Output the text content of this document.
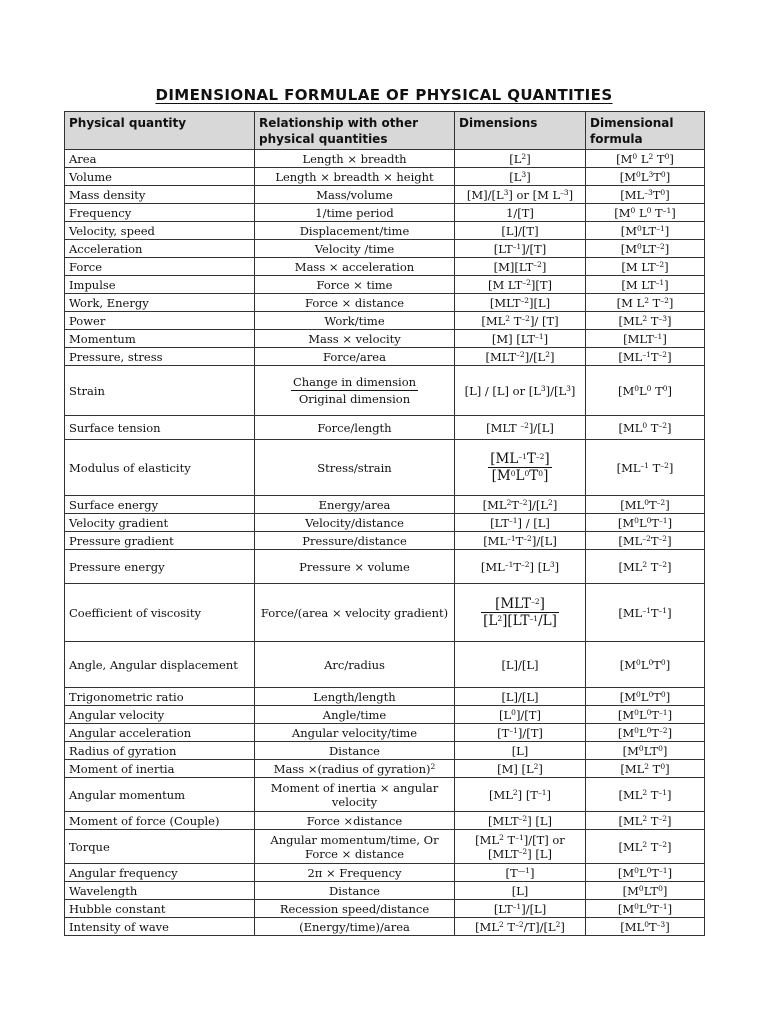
DIMENSIONAL FORMULAE OF PHYSICAL QUANTITIES
Physical quantity	Relationship with other physical quantities	Dimensions	Dimensional formula
Area	Length × breadth	$[L^2]$	[$M^0$ $L^2$ $T^0$]
Volume	Length × breadth × height	$[L^3]$	$[M^0L^3T^0]$
Mass density	Mass/volume	$[M]/[L^3]$ or [M $L^{-3}$]	$[ML^{-3}T^0]$
Frequency	1/time period	1/[T]	[$M^0$ $L^0$ $T^{-1}$]
Velocity, speed	Displacement/time	[L]/[T]	$[M^0LT^{-1}]$
Acceleration	Velocity /time	$[LT^{-1}]/[T]$	$[M^0LT^{-2}]$
Force	Mass × acceleration	$[M][LT^{-2}]$	[M $LT^{-2}$]
Impulse	Force × time	[M $LT^{-2}][T]$	[M $LT^{-1}$]
Work, Energy	Force × distance	$[MLT^{-2}][L]$	[M $L^2$ $T^{-2}$]
Power	Work/time	[$ML^2$ $T^{-2}]/$ [T]	[$ML^2$ $T^{-3}$]
Momentum	Mass × velocity	[M] $[LT^{-1}]$	$[MLT^{-1}]$
Pressure, stress	Force/area	$[MLT^{-2}]/[L^2]$	$[ML^{-1}T^{-2}]$
Strain	$\frac{\text{Change in dimension}}{\text{Original dimension}}$	[L] / [L] or $[L^3]/[L^3]$	[$M^0L^0$ $T^0$]
Surface tension	Force/length	[MLT $^{-2}$]/[L]	[$ML^0$ $T^{-2}$]
Modulus of elasticity	Stress/strain	$\frac{[ML^{-1}T^{-2}]}{[M^0L^0T^0]}$	[$ML^{-1}$ $T^{-2}$]
Surface energy	Energy/area	$[ML^2T^{-2}]/[L^2]$	$[ML^0T^{-2}]$
Velocity gradient	Velocity/distance	$[LT^{-1}] / [L]$	$[M^0L^0T^{-1}]$
Pressure gradient	Pressure/distance	$[ML^{-1}T^{-2}]/[L]$	$[ML^{-2}T^{-2}]$
Pressure energy	Pressure × volume	$[ML^{-1}T^{-2}]$ $[L^3]$	[$ML^2$ $T^{-2}$]
Coefficient of viscosity	Force/(area × velocity gradient)	$\frac{[MLT^{-2}]}{[L^2][LT^{-1}/L]}$	$[ML^{-1}T^{-1}]$
Angle, Angular displacement	Arc/radius	[L]/[L]	$[M^0L^0T^0]$
Trigonometric ratio	Length/length	[L]/[L]	$[M^0L^0T^0]$
Angular velocity	Angle/time	$[L^0]/[T]$	$[M^0L^0T^{-1}]$
Angular acceleration	Angular velocity/time	$[T^{-1}]/[T]$	$[M^0L^0T^{-2}]$
Radius of gyration	Distance	[L]	$[M^0LT^0]$
Moment of inertia	Mass ×(radius of gyration)$^2$	[M] $[L^2]$	[$ML^2$ $T^0$]
Angular momentum	Moment of inertia × angular velocity	$[ML^2]$ $[T^{-1}]$	[$ML^2$ $T^{-1}$]
Moment of force (Couple)	Force ×distance	$[MLT^{-2}]$ [L]	[$ML^2$ $T^{-2}$]
Torque	Angular momentum/time, Or Force × distance	[$ML^2$ $T^{-1}]/[T]$ or $[MLT^{-2}]$ [L]	[$ML^2$ $T^{-2}$]
Angular frequency	2π × Frequency	$[T^{—1}]$	$[M^0L^0T^{-1}]$
Wavelength	Distance	[L]	$[M^0LT^0]$
Hubble constant	Recession speed/distance	$[LT^{-1}]/[L]$	$[M^0L^0T^{-1}]$
Intensity of wave	(Energy/time)/area	[$ML^2$ $T^{-2}/T]/[L^2]$	$[ML^0T^{-3}]$
